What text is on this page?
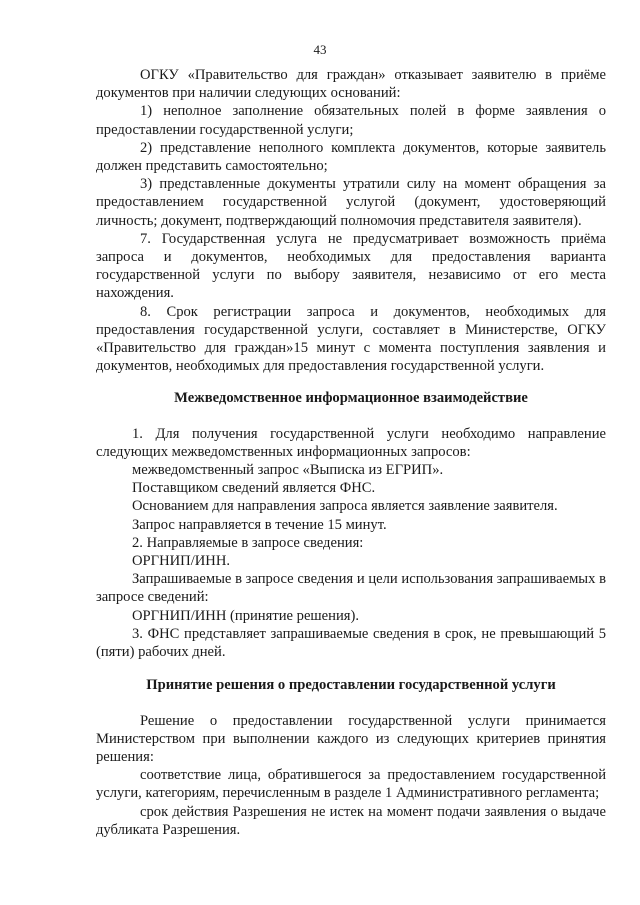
43

ОГКУ «Правительство для граждан» отказывает заявителю в приёме документов при наличии следующих оснований:

1) неполное заполнение обязательных полей в форме заявления о предоставлении государственной услуги;

2) представление неполного комплекта документов, которые заявитель должен представить самостоятельно;

3) представленные документы утратили силу на момент обращения за предоставлением государственной услугой (документ, удостоверяющий личность; документ, подтверждающий полномочия представителя заявителя).

7. Государственная услуга не предусматривает возможность приёма запроса и документов, необходимых для предоставления варианта государственной услуги по выбору заявителя, независимо от его места нахождения.

8. Срок регистрации запроса и документов, необходимых для предоставления государственной услуги, составляет в Министерстве, ОГКУ «Правительство для граждан»15 минут с момента поступления заявления и документов, необходимых для предоставления государственной услуги.

Межведомственное информационное взаимодействие

1. Для получения государственной услуги необходимо направление следующих межведомственных информационных запросов:

межведомственный запрос «Выписка из ЕГРИП».

Поставщиком сведений является ФНС.

Основанием для направления запроса является заявление заявителя.

Запрос направляется в течение 15 минут.

2. Направляемые в запросе сведения:

ОРГНИП/ИНН.

Запрашиваемые в запросе сведения и цели использования запрашиваемых в запросе сведений:

ОРГНИП/ИНН (принятие решения).

3. ФНС представляет запрашиваемые сведения в срок, не превышающий 5 (пяти) рабочих дней.

Принятие решения о предоставлении государственной услуги

Решение о предоставлении государственной услуги принимается Министерством при выполнении каждого из следующих критериев принятия решения:

соответствие лица, обратившегося за предоставлением государственной услуги, категориям, перечисленным в разделе 1 Административного регламента;

срок действия Разрешения не истек на момент подачи заявления о выдаче дубликата Разрешения.
